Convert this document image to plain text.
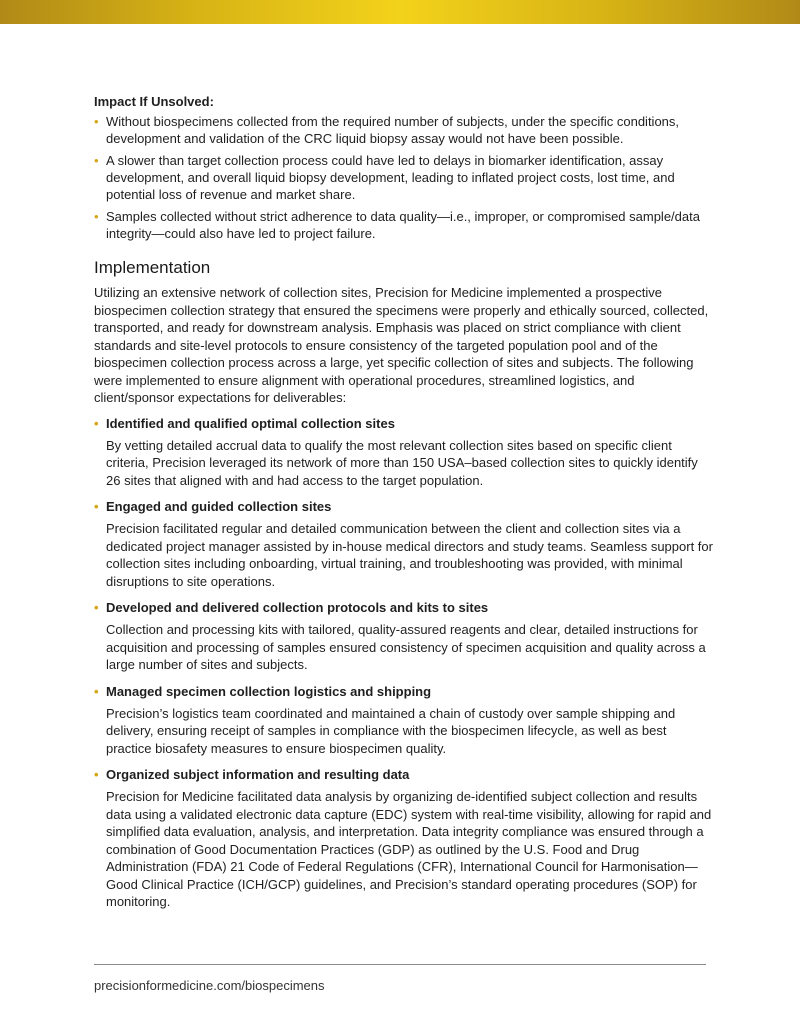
Impact If Unsolved:
• Without biospecimens collected from the required number of subjects, under the specific conditions, development and validation of the CRC liquid biopsy assay would not have been possible.
• A slower than target collection process could have led to delays in biomarker identification, assay development, and overall liquid biopsy development, leading to inflated project costs, lost time, and potential loss of revenue and market share.
• Samples collected without strict adherence to data quality—i.e., improper, or compromised sample/data integrity—could also have led to project failure.
Implementation

Utilizing an extensive network of collection sites, Precision for Medicine implemented a prospective biospecimen collection strategy that ensured the specimens were properly and ethically sourced, collected, transported, and ready for downstream analysis. Emphasis was placed on strict compliance with client standards and site-level protocols to ensure consistency of the targeted population pool and of the biospecimen collection process across a large, yet specific collection of sites and subjects. The following were implemented to ensure alignment with operational procedures, streamlined logistics, and client/sponsor expectations for deliverables:

• Identified and qualified optimal collection sites
By vetting detailed accrual data to qualify the most relevant collection sites based on specific client criteria, Precision leveraged its network of more than 150 USA–based collection sites to quickly identify 26 sites that aligned with and had access to the target population.
• Engaged and guided collection sites
Precision facilitated regular and detailed communication between the client and collection sites via a dedicated project manager assisted by in-house medical directors and study teams. Seamless support for collection sites including onboarding, virtual training, and troubleshooting was provided, with minimal disruptions to site operations.
• Developed and delivered collection protocols and kits to sites
Collection and processing kits with tailored, quality-assured reagents and clear, detailed instructions for acquisition and processing of samples ensured consistency of specimen acquisition and quality across a large number of sites and subjects.
• Managed specimen collection logistics and shipping
Precision’s logistics team coordinated and maintained a chain of custody over sample shipping and delivery, ensuring receipt of samples in compliance with the biospecimen lifecycle, as well as best practice biosafety measures to ensure biospecimen quality.
• Organized subject information and resulting data
Precision for Medicine facilitated data analysis by organizing de-identified subject collection and results data using a validated electronic data capture (EDC) system with real-time visibility, allowing for rapid and simplified data evaluation, analysis, and interpretation. Data integrity compliance was ensured through a combination of Good Documentation Practices (GDP) as outlined by the U.S. Food and Drug Administration (FDA) 21 Code of Federal Regulations (CFR), International Council for Harmonisation—Good Clinical Practice (ICH/GCP) guidelines, and Precision’s standard operating procedures (SOP) for monitoring.
precisionformedicine.com/biospecimens
